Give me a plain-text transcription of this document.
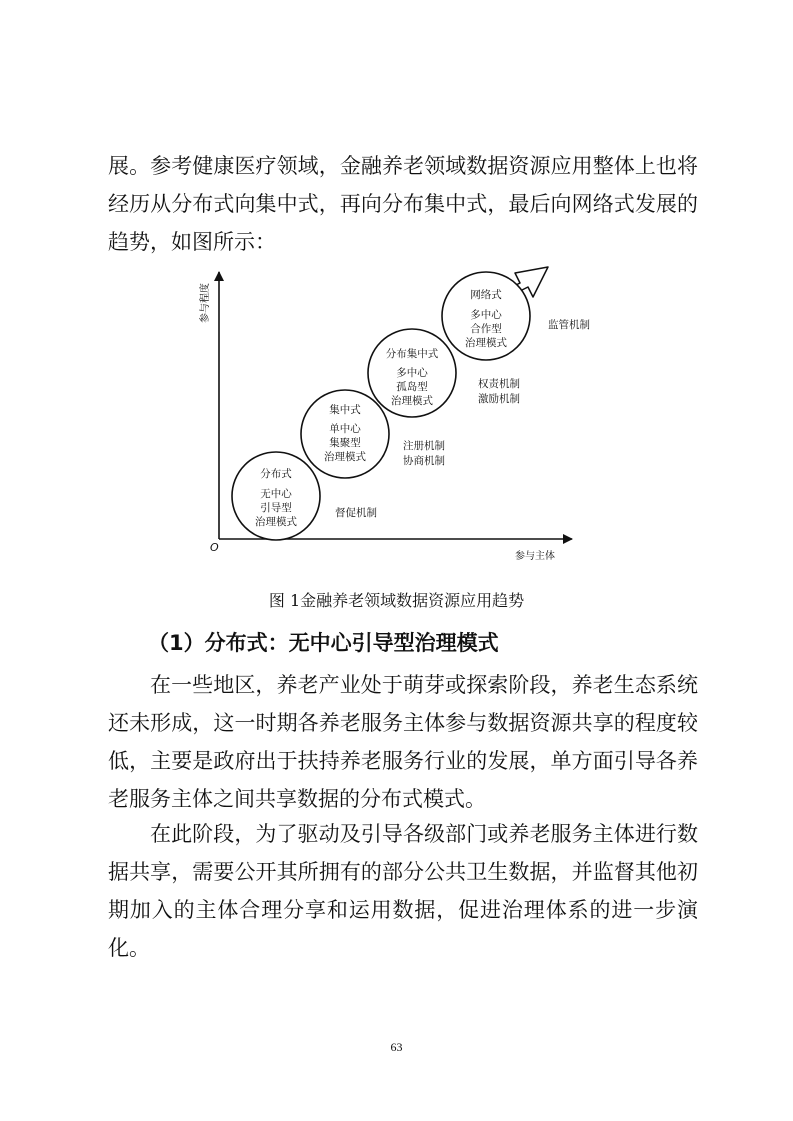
展。参考健康医疗领域，金融养老领域数据资源应用整体上也将经历从分布式向集中式，再向分布集中式，最后向网络式发展的趋势，如图所示：

参与程度
参与主体
O
分布式
无中心
引导型
治理模式
集中式
单中心
集聚型
治理模式
分布集中式
多中心
孤岛型
治理模式
网络式
多中心
合作型
治理模式
督促机制
注册机制
协商机制
权责机制
激励机制
监管机制

图 1金融养老领域数据资源应用趋势

（1）分布式：无中心引导型治理模式

在一些地区，养老产业处于萌芽或探索阶段，养老生态系统还未形成，这一时期各养老服务主体参与数据资源共享的程度较低，主要是政府出于扶持养老服务行业的发展，单方面引导各养老服务主体之间共享数据的分布式模式。

在此阶段，为了驱动及引导各级部门或养老服务主体进行数据共享，需要公开其所拥有的部分公共卫生数据，并监督其他初期加入的主体合理分享和运用数据，促进治理体系的进一步演化。

63
